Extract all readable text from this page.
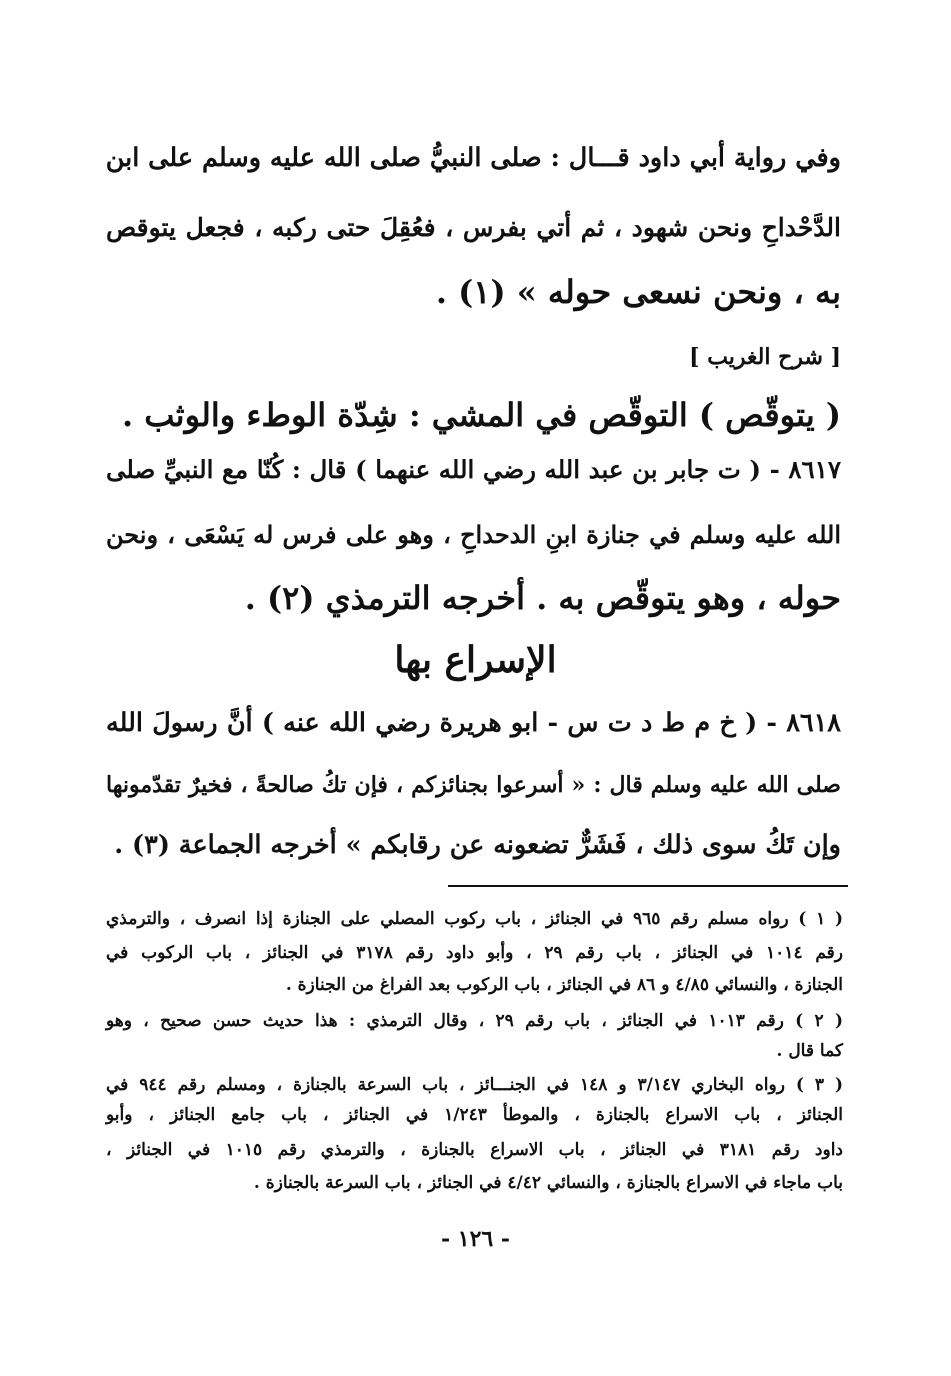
وفي رواية أبي داود قـــال : صلى النبيُّ صلى الله عليه وسلم على ابن
الدَّحْداحِ ونحن شهود ، ثم أتي بفرس ، فعُقِلَ حتى ركبه ، فجعل يتوقص
به ، ونحن نسعى حوله » (١) .
[ شرح الغريب ]
( يتوقّص ) التوقّص في المشي : شِدّة الوطء والوثب .
٨٦١٧ - ( ت جابر بن عبد الله رضي الله عنهما ) قال : كُنّا مع النبيِّ صلى
الله عليه وسلم في جنازة ابنِ الدحداحِ ، وهو على فرس له يَسْعَى ، ونحن
حوله ، وهو يتوقّص به . أخرجه الترمذي (٢) .
الإسراع بها
٨٦١٨ - ( خ م ط د ت س - ابو هريرة رضي الله عنه ) أنَّ رسولَ الله
صلى الله عليه وسلم قال : « أسرعوا بجنائزكم ، فإن تكُ صالحةً ، فخيرٌ تقدّمونها
وإن تَكُ سوى ذلك ، فَشَرٌّ تضعونه عن رقابكم » أخرجه الجماعة (٣) .
( ١ ) رواه مسلم رقم ٩٦٥ في الجنائز ، باب ركوب المصلي على الجنازة إذا انصرف ، والترمذي
رقم ١٠١٤ في الجنائز ، باب رقم ٢٩ ، وأبو داود رقم ٣١٧٨ في الجنائز ، باب الركوب في
الجنازة ، والنسائي ٤/٨٥ و ٨٦ في الجنائز ، باب الركوب بعد الفراغ من الجنازة .
( ٢ ) رقم ١٠١٣ في الجنائز ، باب رقم ٢٩ ، وقال الترمذي : هذا حديث حسن صحيح ، وهو
كما قال .
( ٣ ) رواه البخاري ٣/١٤٧ و ١٤٨ في الجنـــائز ، باب السرعة بالجنازة ، ومسلم رقم ٩٤٤ في
الجنائز ، باب الاسراع بالجنازة ، والموطأ ١/٢٤٣ في الجنائز ، باب جامع الجنائز ، وأبو
داود رقم ٣١٨١ في الجنائز ، باب الاسراع بالجنازة ، والترمذي رقم ١٠١٥ في الجنائز ،
باب ماجاء في الاسراع بالجنازة ، والنسائي ٤/٤٢ في الجنائز ، باب السرعة بالجنازة .
- ١٢٦ -
